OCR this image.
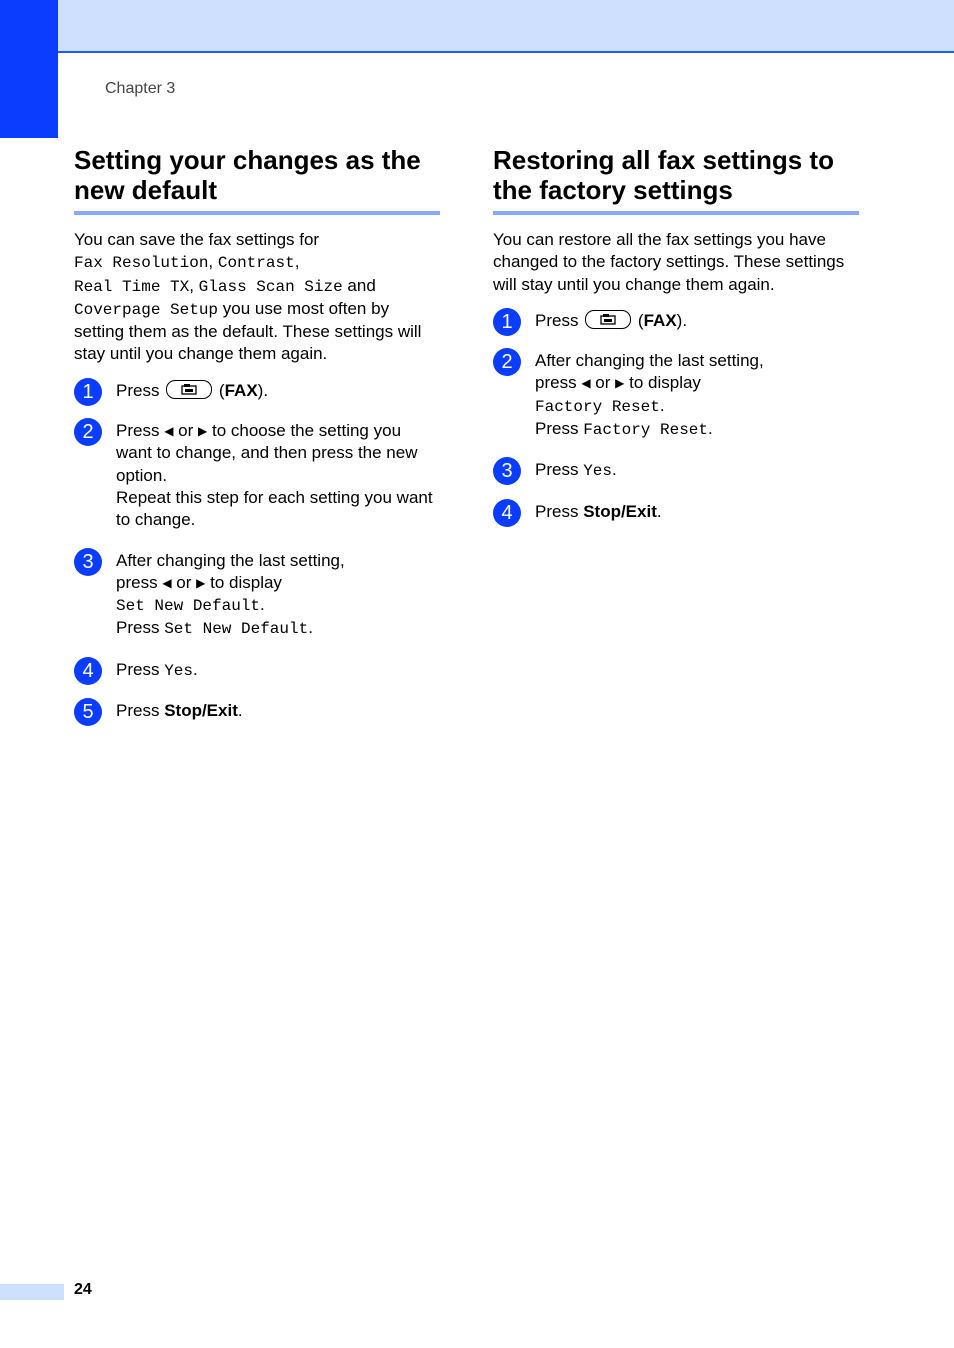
Chapter 3
Setting your changes as the
new default

You can save the fax settings for
Fax Resolution, Contrast,
Real Time TX, Glass Scan Size and
Coverpage Setup you use most often by setting them as the default. These settings will stay until you change them again.

1	Press	(FAX).
2	Press ◀ or ▶ to choose the setting you want to change, and then press the new option.
Repeat this step for each setting you want to change.
3	After changing the last setting,
press ◀ or ▶ to display
Set New Default.
Press Set New Default.
4	Press Yes.
5	Press Stop/Exit.
Restoring all fax settings to
the factory settings

You can restore all the fax settings you have changed to the factory settings. These settings will stay until you change them again.

1	Press	(FAX).
2	After changing the last setting,
press ◀ or ▶ to display
Factory Reset.
Press Factory Reset.
3	Press Yes.
4	Press Stop/Exit.
24
